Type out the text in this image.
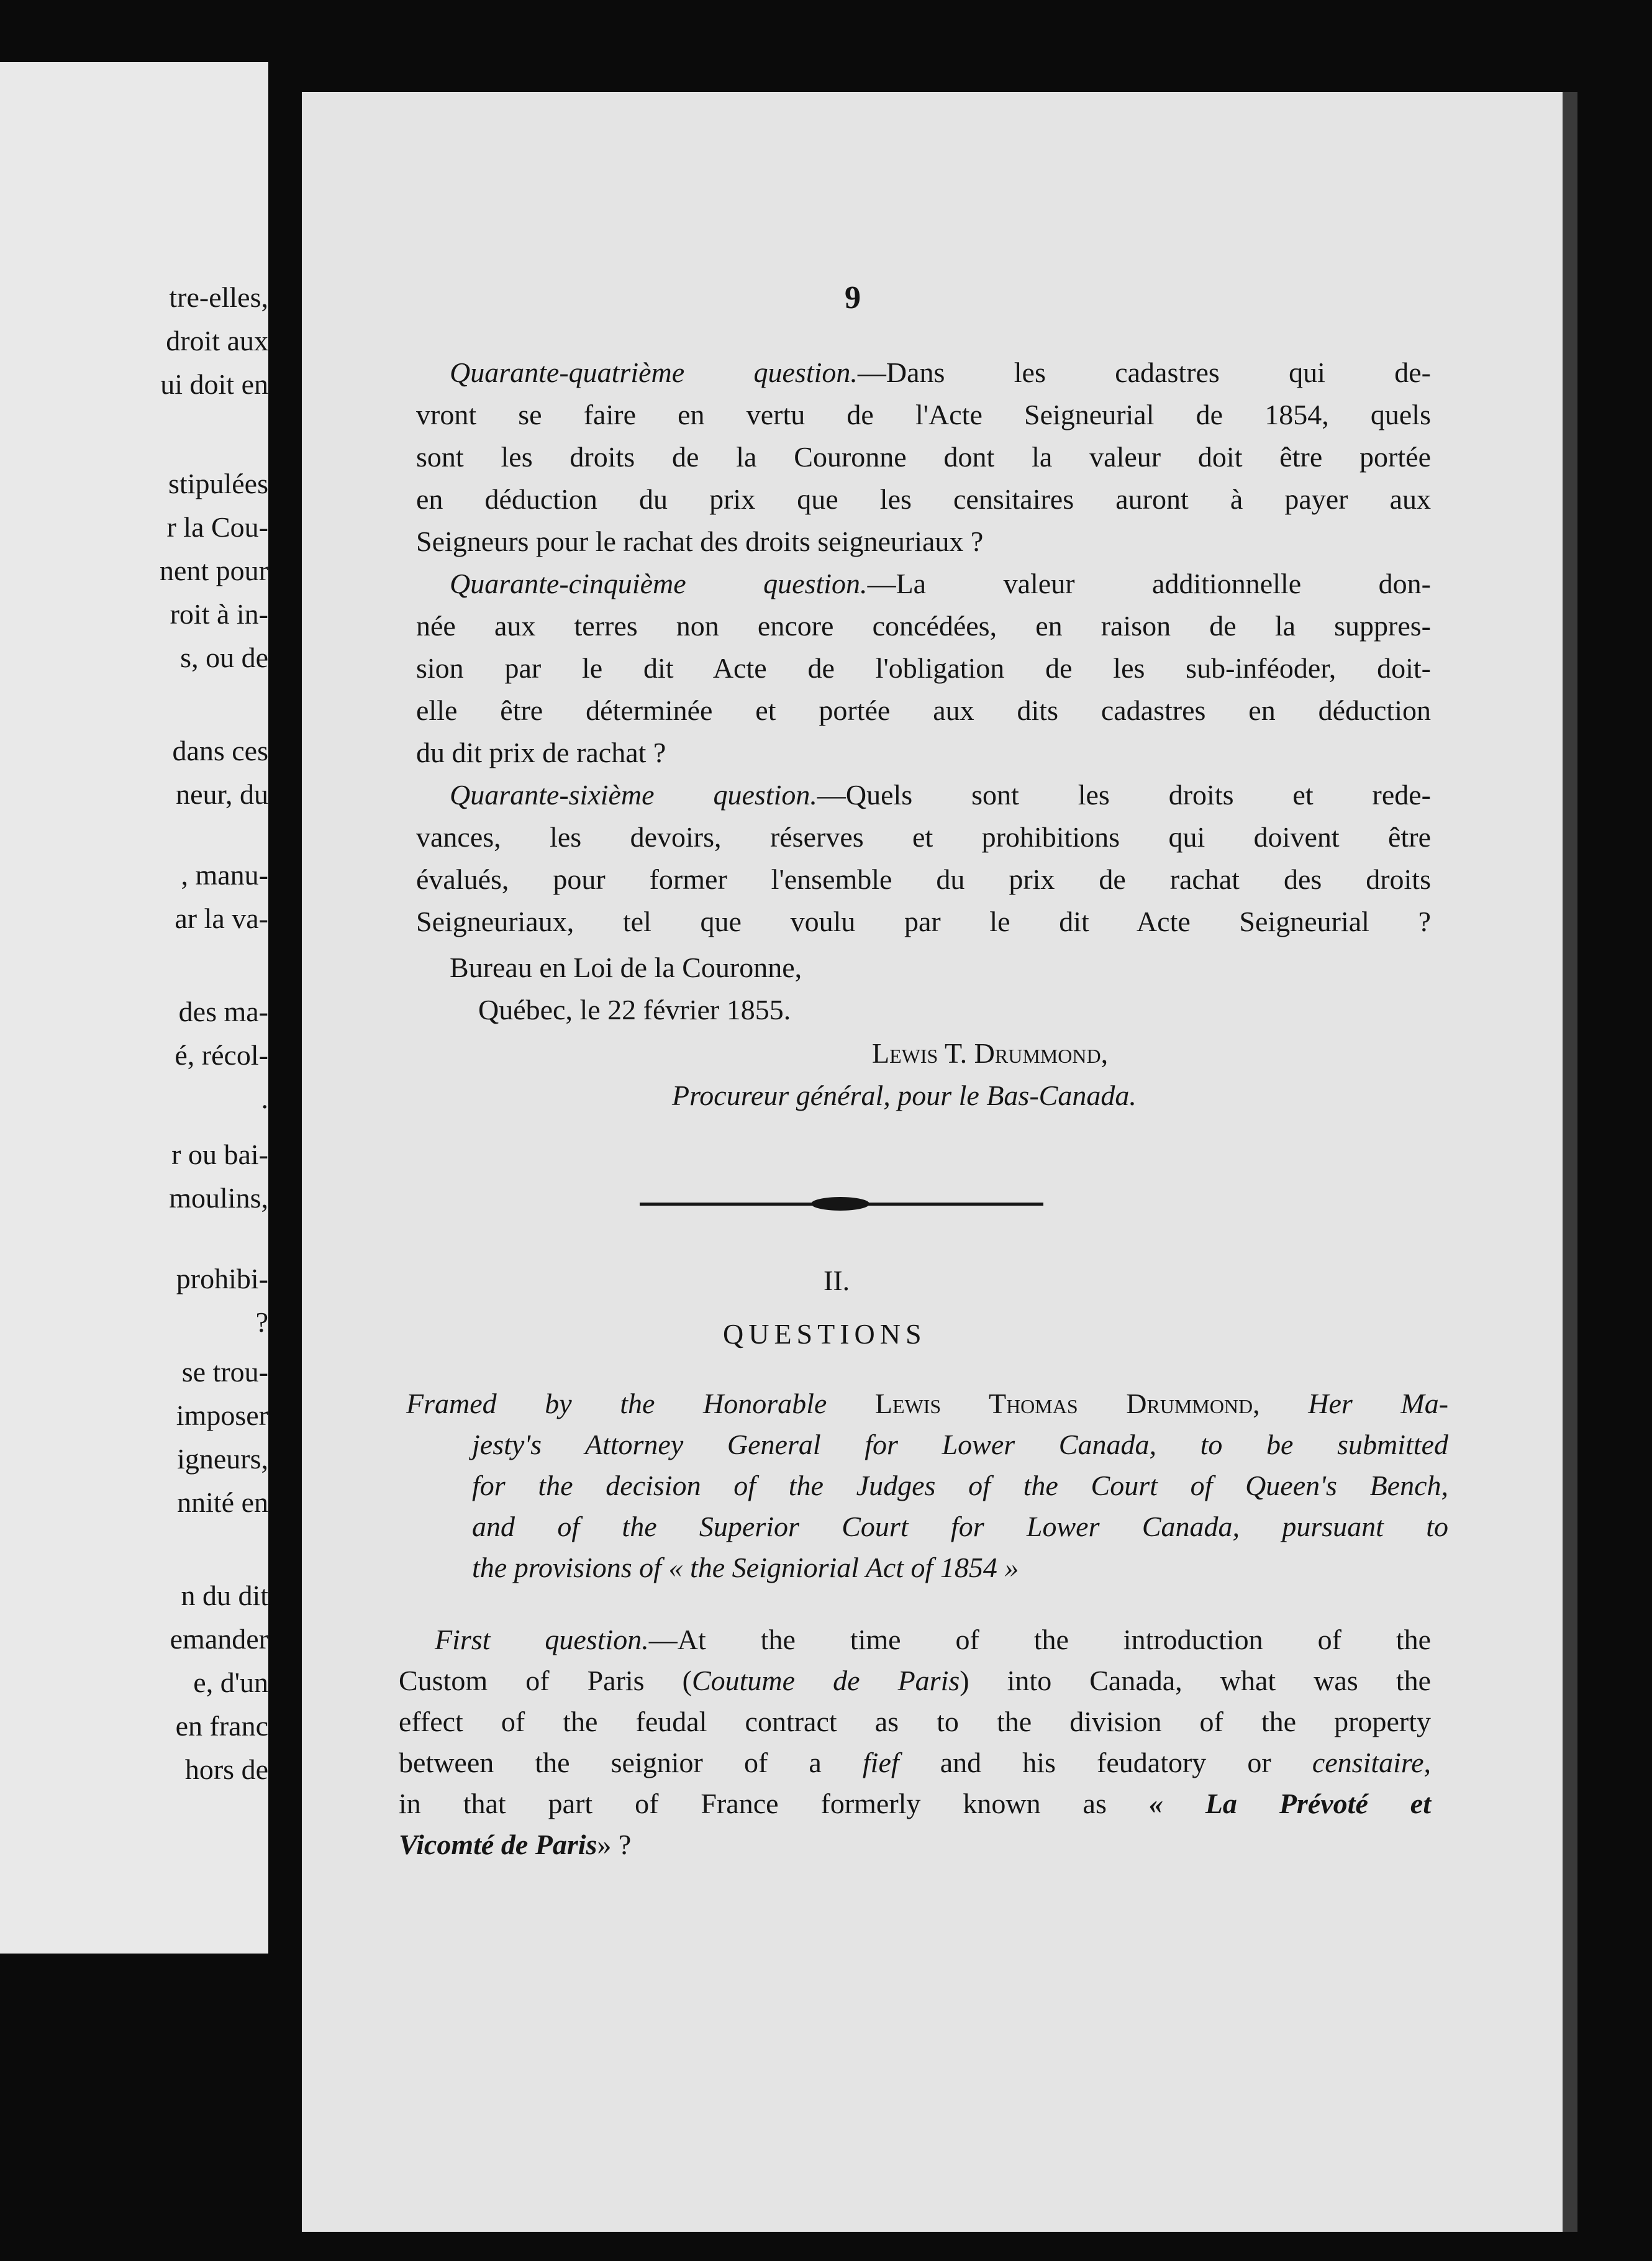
tre-elles,
droit aux
ui doit en
stipulées
r la Cou-
nent pour
roit à in-
s, ou de
dans ces
neur, du
, manu-
ar la va-
des ma-
é, récol-
.
r ou bai-
moulins,
prohibi-
?
se trou-
imposer
igneurs,
nnité en
n du dit
emander
e, d'un
en franc
hors de
9
Quarante-quatrième question.—Dans les cadastres qui de-
vront se faire en vertu de l'Acte Seigneurial de 1854, quels
sont les droits de la Couronne dont la valeur doit être portée
en déduction du prix que les censitaires auront à payer aux
Seigneurs pour le rachat des droits seigneuriaux ?
Quarante-cinquième question.—La valeur additionnelle don-
née aux terres non encore concédées, en raison de la suppres-
sion par le dit Acte de l'obligation de les sub-inféoder, doit-
elle être déterminée et portée aux dits cadastres en déduction
du dit prix de rachat ?
Quarante-sixième question.—Quels sont les droits et rede-
vances, les devoirs, réserves et prohibitions qui doivent être
évalués, pour former l'ensemble du prix de rachat des droits
Seigneuriaux, tel que voulu par le dit Acte Seigneurial ?
Bureau en Loi de la Couronne,
Québec, le 22 février 1855.
Lewis T. Drummond,
Procureur général, pour le Bas-Canada.
II.
QUESTIONS
Framed by the Honorable Lewis Thomas Drummond, Her Ma-
jesty's Attorney General for Lower Canada, to be submitted
for the decision of the Judges of the Court of Queen's Bench,
and of the Superior Court for Lower Canada, pursuant to
the provisions of « the Seigniorial Act of 1854 »
First question.—At the time of the introduction of the
Custom of Paris (Coutume de Paris) into Canada, what was the
effect of the feudal contract as to the division of the property
between the seignior of a fief and his feudatory or censitaire,
in that part of France formerly known as « La Prévoté et
Vicomté de Paris» ?
